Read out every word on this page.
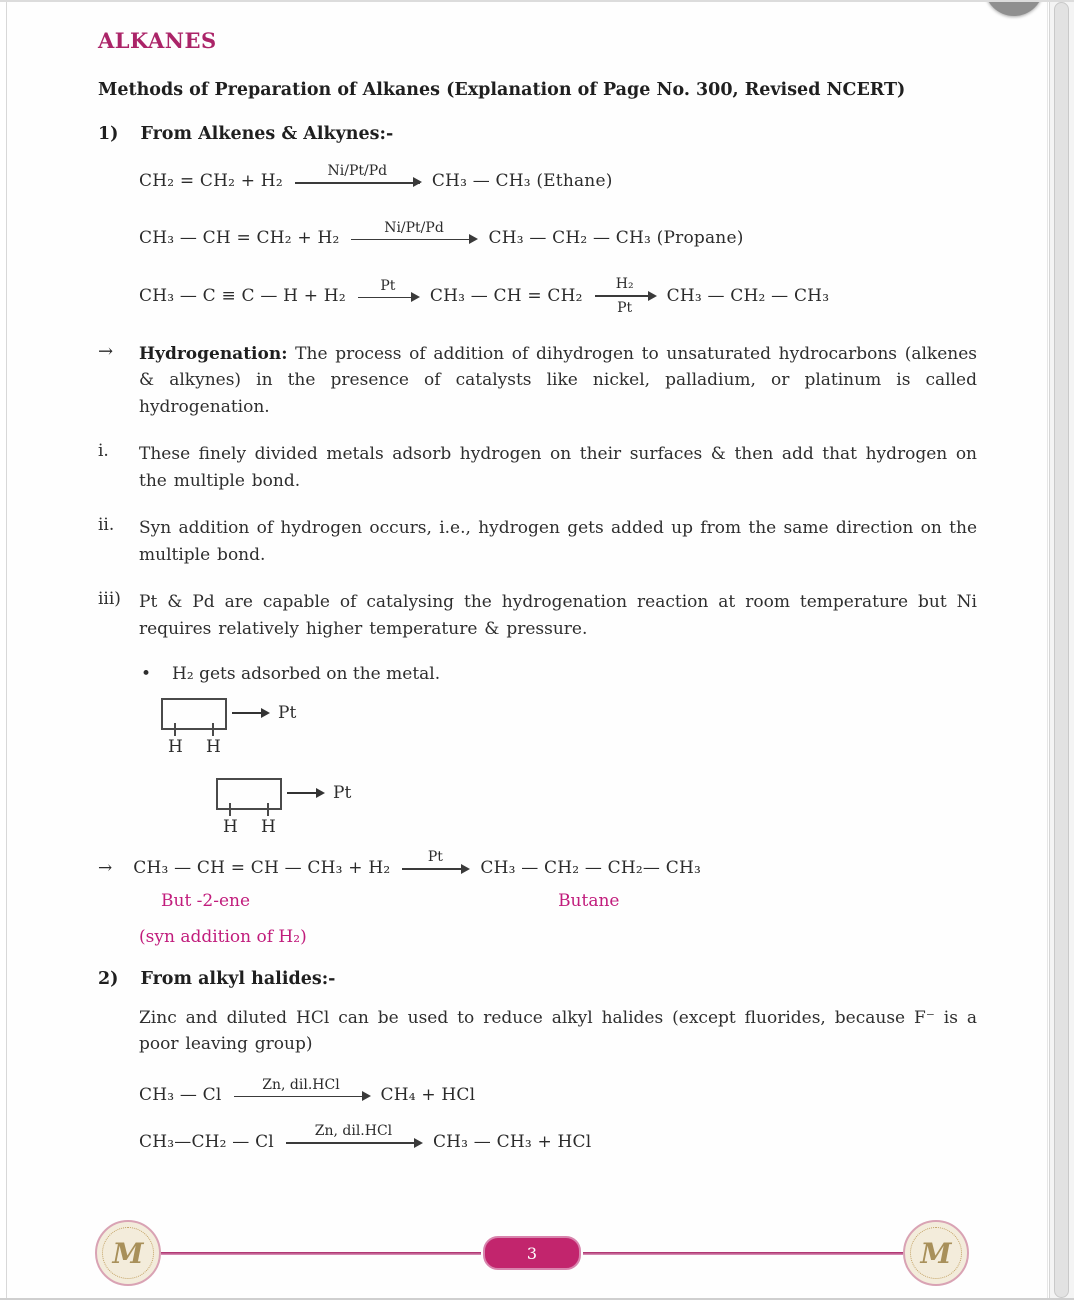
ALKANES
Methods of Preparation of Alkanes (Explanation of Page No. 300, Revised NCERT)
1) From Alkenes & Alkynes:-
CH₂ = CH₂ + H₂
Ni/Pt/Pd
CH₃ — CH₃ (Ethane)
CH₃ — CH = CH₂ + H₂
Ni/Pt/Pd
CH₃ — CH₂ — CH₃ (Propane)
CH₃ — C ≡ C — H + H₂
Pt
CH₃ — CH = CH₂
H₂
Pt
CH₃ — CH₂ — CH₃
→	Hydrogenation: The process of addition of dihydrogen to unsaturated hydrocarbons (alkenes & alkynes) in the presence of catalysts like nickel, palladium, or platinum is called hydrogenation.

i.	These finely divided metals adsorb hydrogen on their surfaces & then add that hydrogen on the multiple bond.

ii.	Syn addition of hydrogen occurs, i.e., hydrogen gets added up from the same direction on the multiple bond.

iii) Pt & Pd are capable of catalysing the hydrogenation reaction at room temperature but Ni requires relatively higher temperature & pressure.

• H₂ gets adsorbed on the metal.
H H
Pt
H H
Pt
→ CH₃ — CH = CH — CH₃ + H₂
Pt
CH₃ — CH₂ — CH₂— CH₃
But -2-ene	Butane
(syn addition of H₂)
2) From alkyl halides:-

Zinc and diluted HCl can be used to reduce alkyl halides (except fluorides, because F⁻ is a poor leaving group)

CH₃ — Cl
Zn, dil.HCl
CH₄ + HCl
CH₃—CH₂ — Cl
Zn, dil.HCl
CH₃ — CH₃ + HCl
M	3	M
